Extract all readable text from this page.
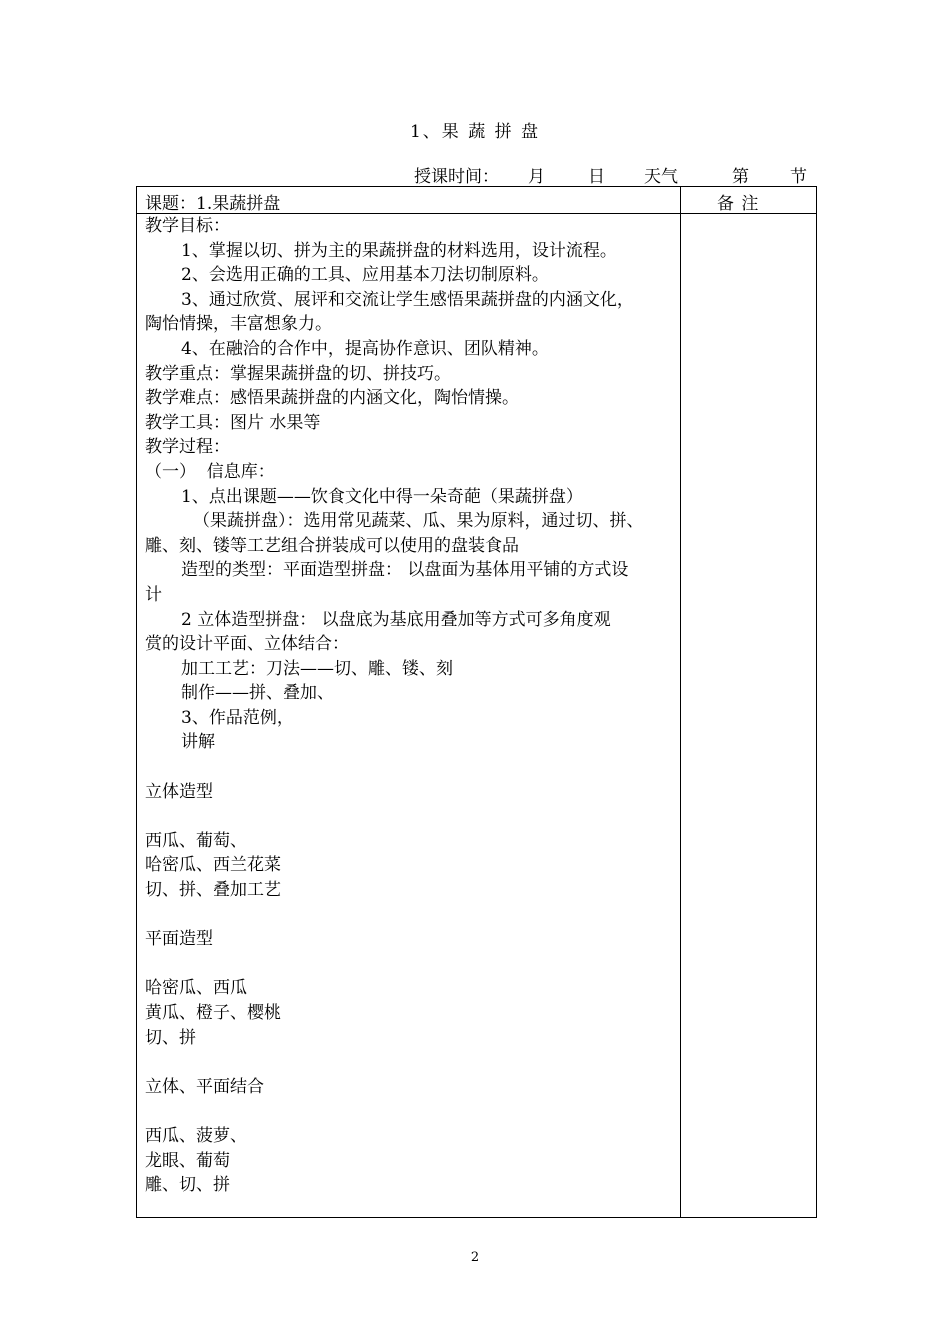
1、果 蔬 拼 盘
授课时间： 月	日 天气	第 节
课题：1.果蔬拼盘	备 注
教学目标：
1、掌握以切、拼为主的果蔬拼盘的材料选用，设计流程。
2、会选用正确的工具、应用基本刀法切制原料。
3、通过欣赏、展评和交流让学生感悟果蔬拼盘的内涵文化，
陶怡情操，丰富想象力。
4、在融洽的合作中，提高协作意识、团队精神。
教学重点：掌握果蔬拼盘的切、拼技巧。
教学难点：感悟果蔬拼盘的内涵文化，陶怡情操。
教学工具：图片 水果等
教学过程：
（一）  信息库：
1、点出课题——饮食文化中得一朵奇葩（果蔬拼盘）
（果蔬拼盘）：选用常见蔬菜、瓜、果为原料，通过切、拼、
雕、刻、镂等工艺组合拼装成可以使用的盘装食品
造型的类型：平面造型拼盘： 以盘面为基体用平铺的方式设
计
2 立体造型拼盘： 以盘底为基底用叠加等方式可多角度观
赏的设计平面、立体结合：
加工工艺：刀法——切、雕、镂、刻
制作——拼、叠加、
3、作品范例，
讲解
立体造型
西瓜、葡萄、
哈密瓜、西兰花菜
切、拼、叠加工艺
平面造型
哈密瓜、西瓜
黄瓜、橙子、樱桃
切、拼
立体、平面结合
西瓜、菠萝、
龙眼、葡萄
雕、切、拼
2
